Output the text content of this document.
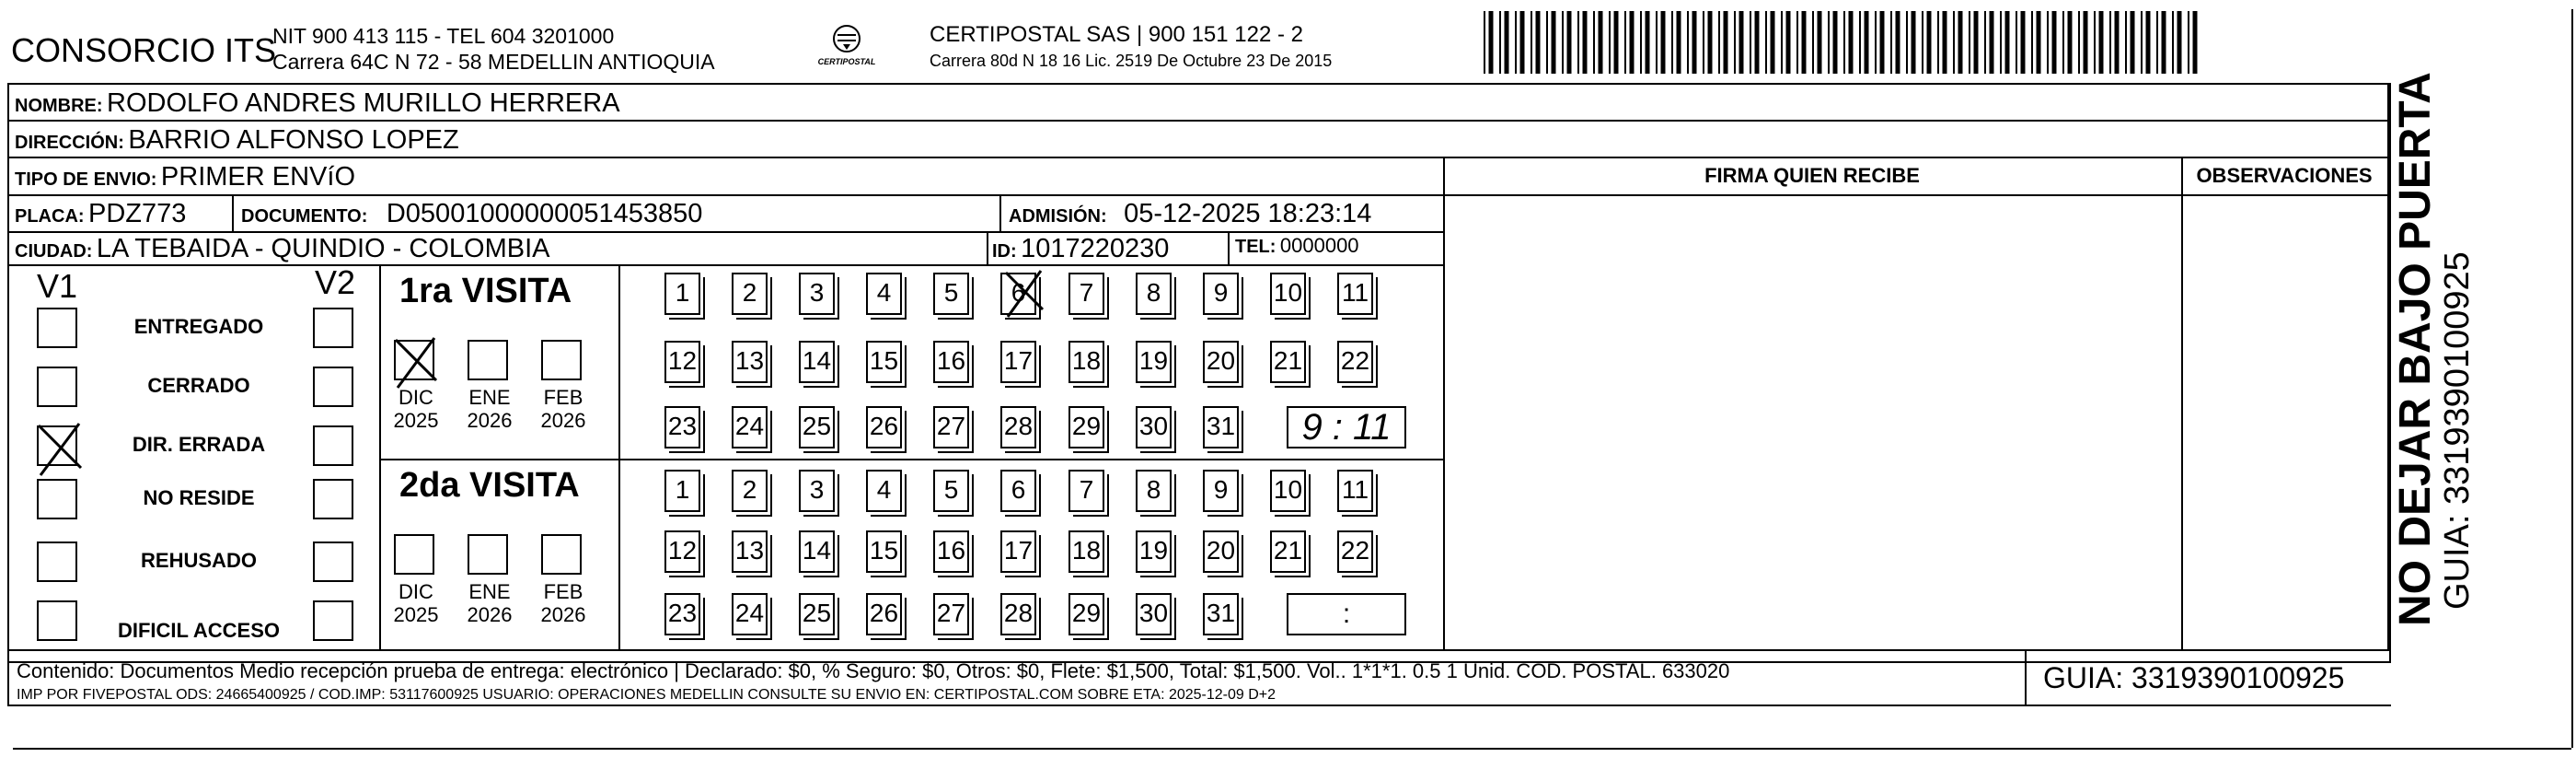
CONSORCIO ITS
NIT 900 413 115 - TEL 604 3201000
Carrera 64C N 72 - 58 MEDELLIN ANTIOQUIA	CERTIPOSTAL
CERTIPOSTAL SAS | 900 151 122 - 2
Carrera 80d N 18 16 Lic. 2519 De Octubre 23 De 2015
NOMBRE: RODOLFO ANDRES MURILLO HERRERA
DIRECCIÓN: BARRIO ALFONSO LOPEZ
TIPO DE ENVIO: PRIMER ENVíO
PLACA: PDZ773	DOCUMENTO: D05001000000051453850	ADMISIÓN: 05-12-2025 18:23:14
CIUDAD: LA TEBAIDA - QUINDIO - COLOMBIA	ID: 1017220230	TEL: 0000000
FIRMA QUIEN RECIBE	OBSERVACIONES NO DEJAR BAJO PUERTA
GUIA: 3319390100925
V1	V2
Contenido: Documentos Medio recepción prueba de entrega: electrónico | Declarado: $0, % Seguro: $0, Otros: $0, Flete: $1,500, Total: $1,500. Vol.. 1*1*1. 0.5 1 Unid. COD. POSTAL. 633020
IMP POR FIVEPOSTAL ODS: 24665400925 / COD.IMP: 53117600925 USUARIO: OPERACIONES MEDELLIN CONSULTE SU ENVIO EN: CERTIPOSTAL.COM SOBRE ETA: 2025-12-09 D+2
GUIA: 3319390100925
ENTREGADO
CERRADO
DIR. ERRADA
NO RESIDE
REHUSADO
DIFICIL ACCESO
1ra VISITA
DIC
2025
ENE
2026
FEB
2026
1	2	3	4	5	6	7	8	9	10 11
12 13 14 15 16 17 18 19 20 21 22
23 24 25 26 27 28 29 30 31	9 : 11
2da VISITA
DIC
2025
ENE
2026
FEB
2026
1	2	3	4	5	6	7	8	9	10 11
12 13 14 15 16 17 18 19 20 21 22
23 24 25 26 27 28 29 30 31	:
